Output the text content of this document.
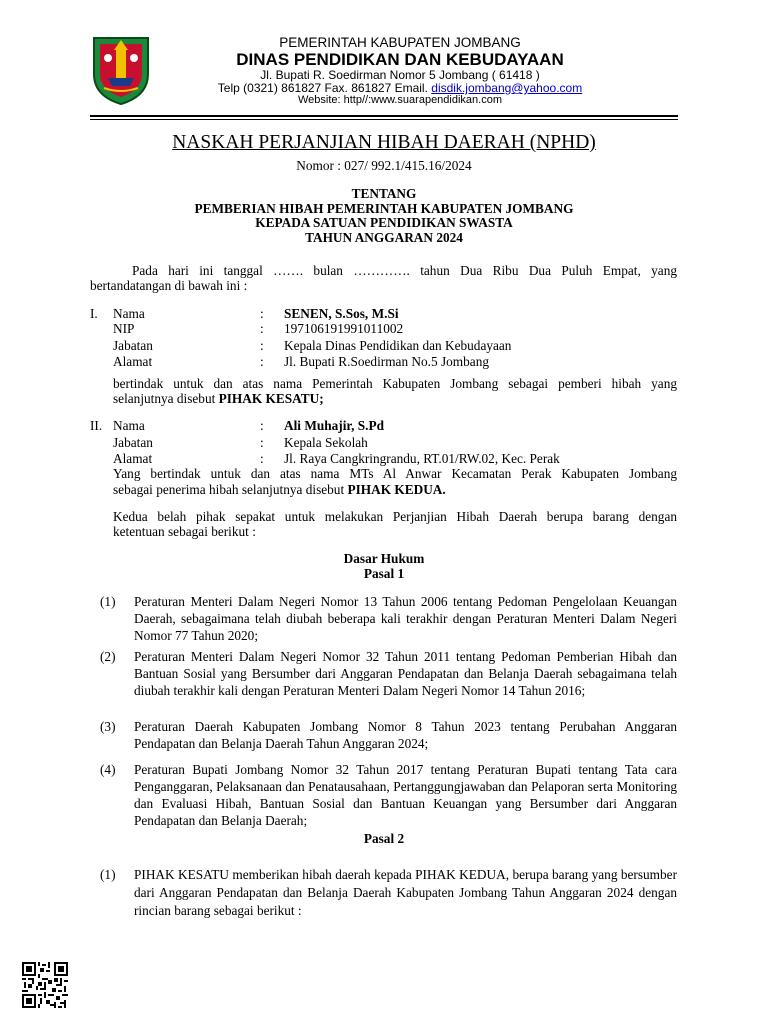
PEMERINTAH KABUPATEN JOMBANG
DINAS PENDIDIKAN DAN KEBUDAYAAN
Jl. Bupati R. Soedirman Nomor 5 Jombang ( 61418 )
Telp (0321) 861827 Fax. 861827 Email. disdik.jombang@yahoo.com
Website: http//:www.suarapendidikan.com
NASKAH PERJANJIAN HIBAH DAERAH (NPHD)
Nomor : 027/ 992.1/415.16/2024
TENTANG
PEMBERIAN HIBAH PEMERINTAH KABUPATEN JOMBANG
KEPADA SATUAN PENDIDIKAN SWASTA
TAHUN ANGGARAN 2024
Pada hari ini tanggal ……. bulan …………. tahun Dua Ribu Dua Puluh Empat, yang
bertandatangan di bawah ini :
I. Nama	: SENEN, S.Sos, M.Si
NIP	: 197106191991011002
Jabatan	: Kepala Dinas Pendidikan dan Kebudayaan
Alamat	: Jl. Bupati R.Soedirman No.5 Jombang
bertindak untuk dan atas nama Pemerintah Kabupaten Jombang sebagai pemberi hibah yang
selanjutnya disebut PIHAK KESATU;
II. Nama	: Ali Muhajir, S.Pd
Jabatan	: Kepala Sekolah
Alamat	: Jl. Raya Cangkringrandu, RT.01/RW.02, Kec. Perak
Yang bertindak untuk dan atas nama MTs Al Anwar Kecamatan Perak Kabupaten Jombang
sebagai penerima hibah selanjutnya disebut PIHAK KEDUA.
Kedua belah pihak sepakat untuk melakukan Perjanjian Hibah Daerah berupa barang dengan
ketentuan sebagai berikut :
Dasar Hukum
Pasal 1
(1) Peraturan Menteri Dalam Negeri Nomor 13 Tahun 2006 tentang Pedoman Pengelolaan Keuangan Daerah, sebagaimana telah diubah beberapa kali terakhir dengan Peraturan Menteri Dalam Negeri Nomor 77 Tahun 2020;
(2) Peraturan Menteri Dalam Negeri Nomor 32 Tahun 2011 tentang Pedoman Pemberian Hibah dan Bantuan Sosial yang Bersumber dari Anggaran Pendapatan dan Belanja Daerah sebagaimana telah diubah terakhir kali dengan Peraturan Menteri Dalam Negeri Nomor 14 Tahun 2016;
(3) Peraturan Daerah Kabupaten Jombang Nomor 8 Tahun 2023 tentang Perubahan Anggaran Pendapatan dan Belanja Daerah Tahun Anggaran 2024;
(4) Peraturan Bupati Jombang Nomor 32 Tahun 2017 tentang Peraturan Bupati tentang Tata cara Penganggaran, Pelaksanaan dan Penatausahaan, Pertanggungjawaban dan Pelaporan serta Monitoring dan Evaluasi Hibah, Bantuan Sosial dan Bantuan Keuangan yang Bersumber dari Anggaran Pendapatan dan Belanja Daerah;
Pasal 2
(1) PIHAK KESATU memberikan hibah daerah kepada PIHAK KEDUA, berupa barang yang bersumber dari Anggaran Pendapatan dan Belanja Daerah Kabupaten Jombang Tahun Anggaran 2024 dengan rincian barang sebagai berikut :
